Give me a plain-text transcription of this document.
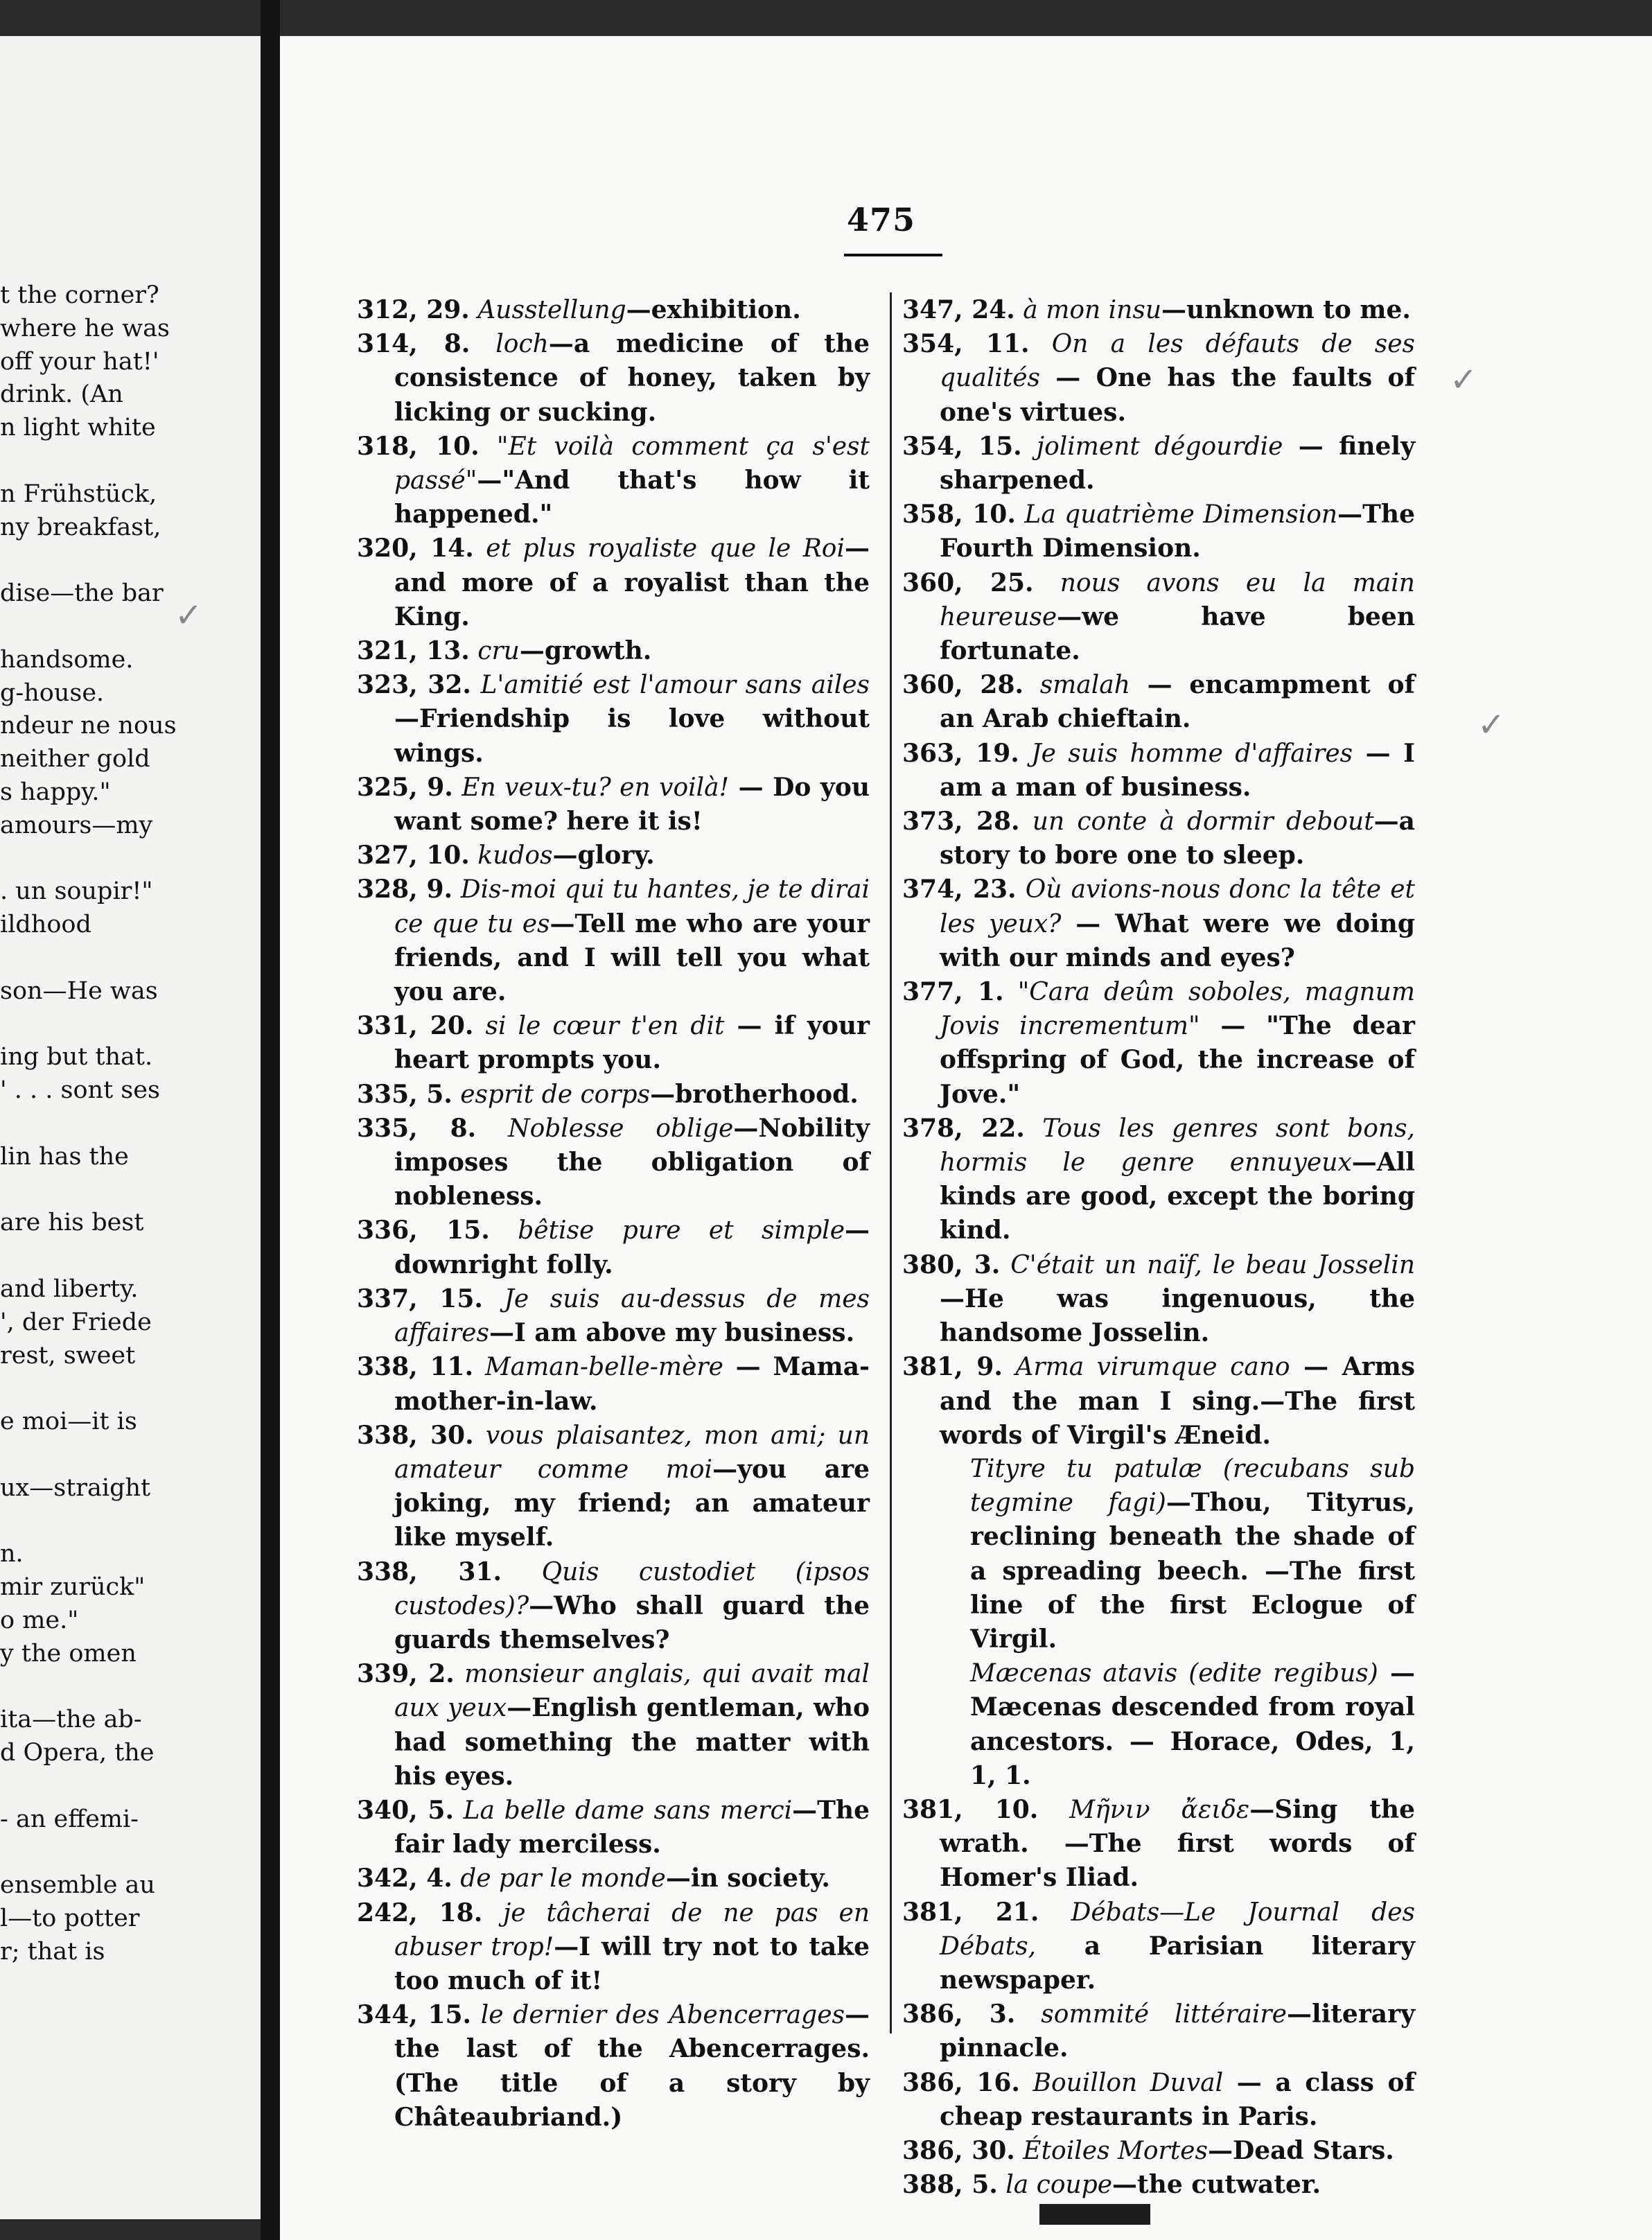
t the corner?
where he was
off your hat!'
drink. (An
n light white
n Frühstück,
ny breakfast,
dise—the bar
handsome.
g-house.
ndeur ne nous
neither gold
s happy."
amours—my
. un soupir!"
ildhood
son—He was
ing but that.
' . . . sont ses
lin has the
are his best
and liberty.
', der Friede
rest, sweet
e moi—it is
ux—straight
n.
mir zurück"
o me."
y the omen
ita—the ab-
d Opera, the
- an effemi-
ensemble au
l—to potter
r; that is
475
312, 29. Ausstellung—exhibition.
314, 8. loch—a medicine of the consistence of honey, taken by licking or sucking.
318, 10. "Et voilà comment ça s'est passé"—"And that's how it happened."
320, 14. et plus royaliste que le Roi—and more of a royalist than the King.
321, 13. cru—growth.
323, 32. L'amitié est l'amour sans ailes—Friendship is love without wings.
325, 9. En veux-tu? en voilà! — Do you want some? here it is!
327, 10. kudos—glory.
328, 9. Dis-moi qui tu hantes, je te dirai ce que tu es—Tell me who are your friends, and I will tell you what you are.
331, 20. si le cœur t'en dit — if your heart prompts you.
335, 5. esprit de corps—brotherhood.
335, 8. Noblesse oblige—Nobility imposes the obligation of nobleness.
336, 15. bêtise pure et simple—downright folly.
337, 15. Je suis au-dessus de mes affaires—I am above my business.
338, 11. Maman-belle-mère — Mama-mother-in-law.
338, 30. vous plaisantez, mon ami; un amateur comme moi—you are joking, my friend; an amateur like myself.
338, 31. Quis custodiet (ipsos custodes)?—Who shall guard the guards themselves?
339, 2. monsieur anglais, qui avait mal aux yeux—English gentleman, who had something the matter with his eyes.
340, 5. La belle dame sans merci—The fair lady merciless.
342, 4. de par le monde—in society.
242, 18. je tâcherai de ne pas en abuser trop!—I will try not to take too much of it!
344, 15. le dernier des Abencerrages—the last of the Abencerrages. (The title of a story by Châteaubriand.)
347, 24. à mon insu—unknown to me.
354, 11. On a les défauts de ses qualités — One has the faults of one's virtues.
354, 15. joliment dégourdie — finely sharpened.
358, 10. La quatrième Dimension—The Fourth Dimension.
360, 25. nous avons eu la main heureuse—we have been fortunate.
360, 28. smalah — encampment of an Arab chieftain.
363, 19. Je suis homme d'affaires — I am a man of business.
373, 28. un conte à dormir debout—a story to bore one to sleep.
374, 23. Où avions-nous donc la tête et les yeux? — What were we doing with our minds and eyes?
377, 1. "Cara deûm soboles, magnum Jovis incrementum" — "The dear offspring of God, the increase of Jove."
378, 22. Tous les genres sont bons, hormis le genre ennuyeux—All kinds are good, except the boring kind.
380, 3. C'était un naïf, le beau Josselin —He was ingenuous, the handsome Josselin.
381, 9. Arma virumque cano — Arms and the man I sing.—The first words of Virgil's Æneid.
Tityre tu patulæ (recubans sub tegmine fagi)—Thou, Tityrus, reclining beneath the shade of a spreading beech. —The first line of the first Eclogue of Virgil.
Mæcenas atavis (edite regibus) —Mæcenas descended from royal ancestors. — Horace, Odes, 1, 1, 1.
381, 10. Μῆνιν ἄειδε—Sing the wrath. —The first words of Homer's Iliad.
381, 21. Débats—Le Journal des Débats, a Parisian literary newspaper.
386, 3. sommité littéraire—literary pinnacle.
386, 16. Bouillon Duval — a class of cheap restaurants in Paris.
386, 30. Étoiles Mortes—Dead Stars.
388, 5. la coupe—the cutwater.
✓
✓
✓
